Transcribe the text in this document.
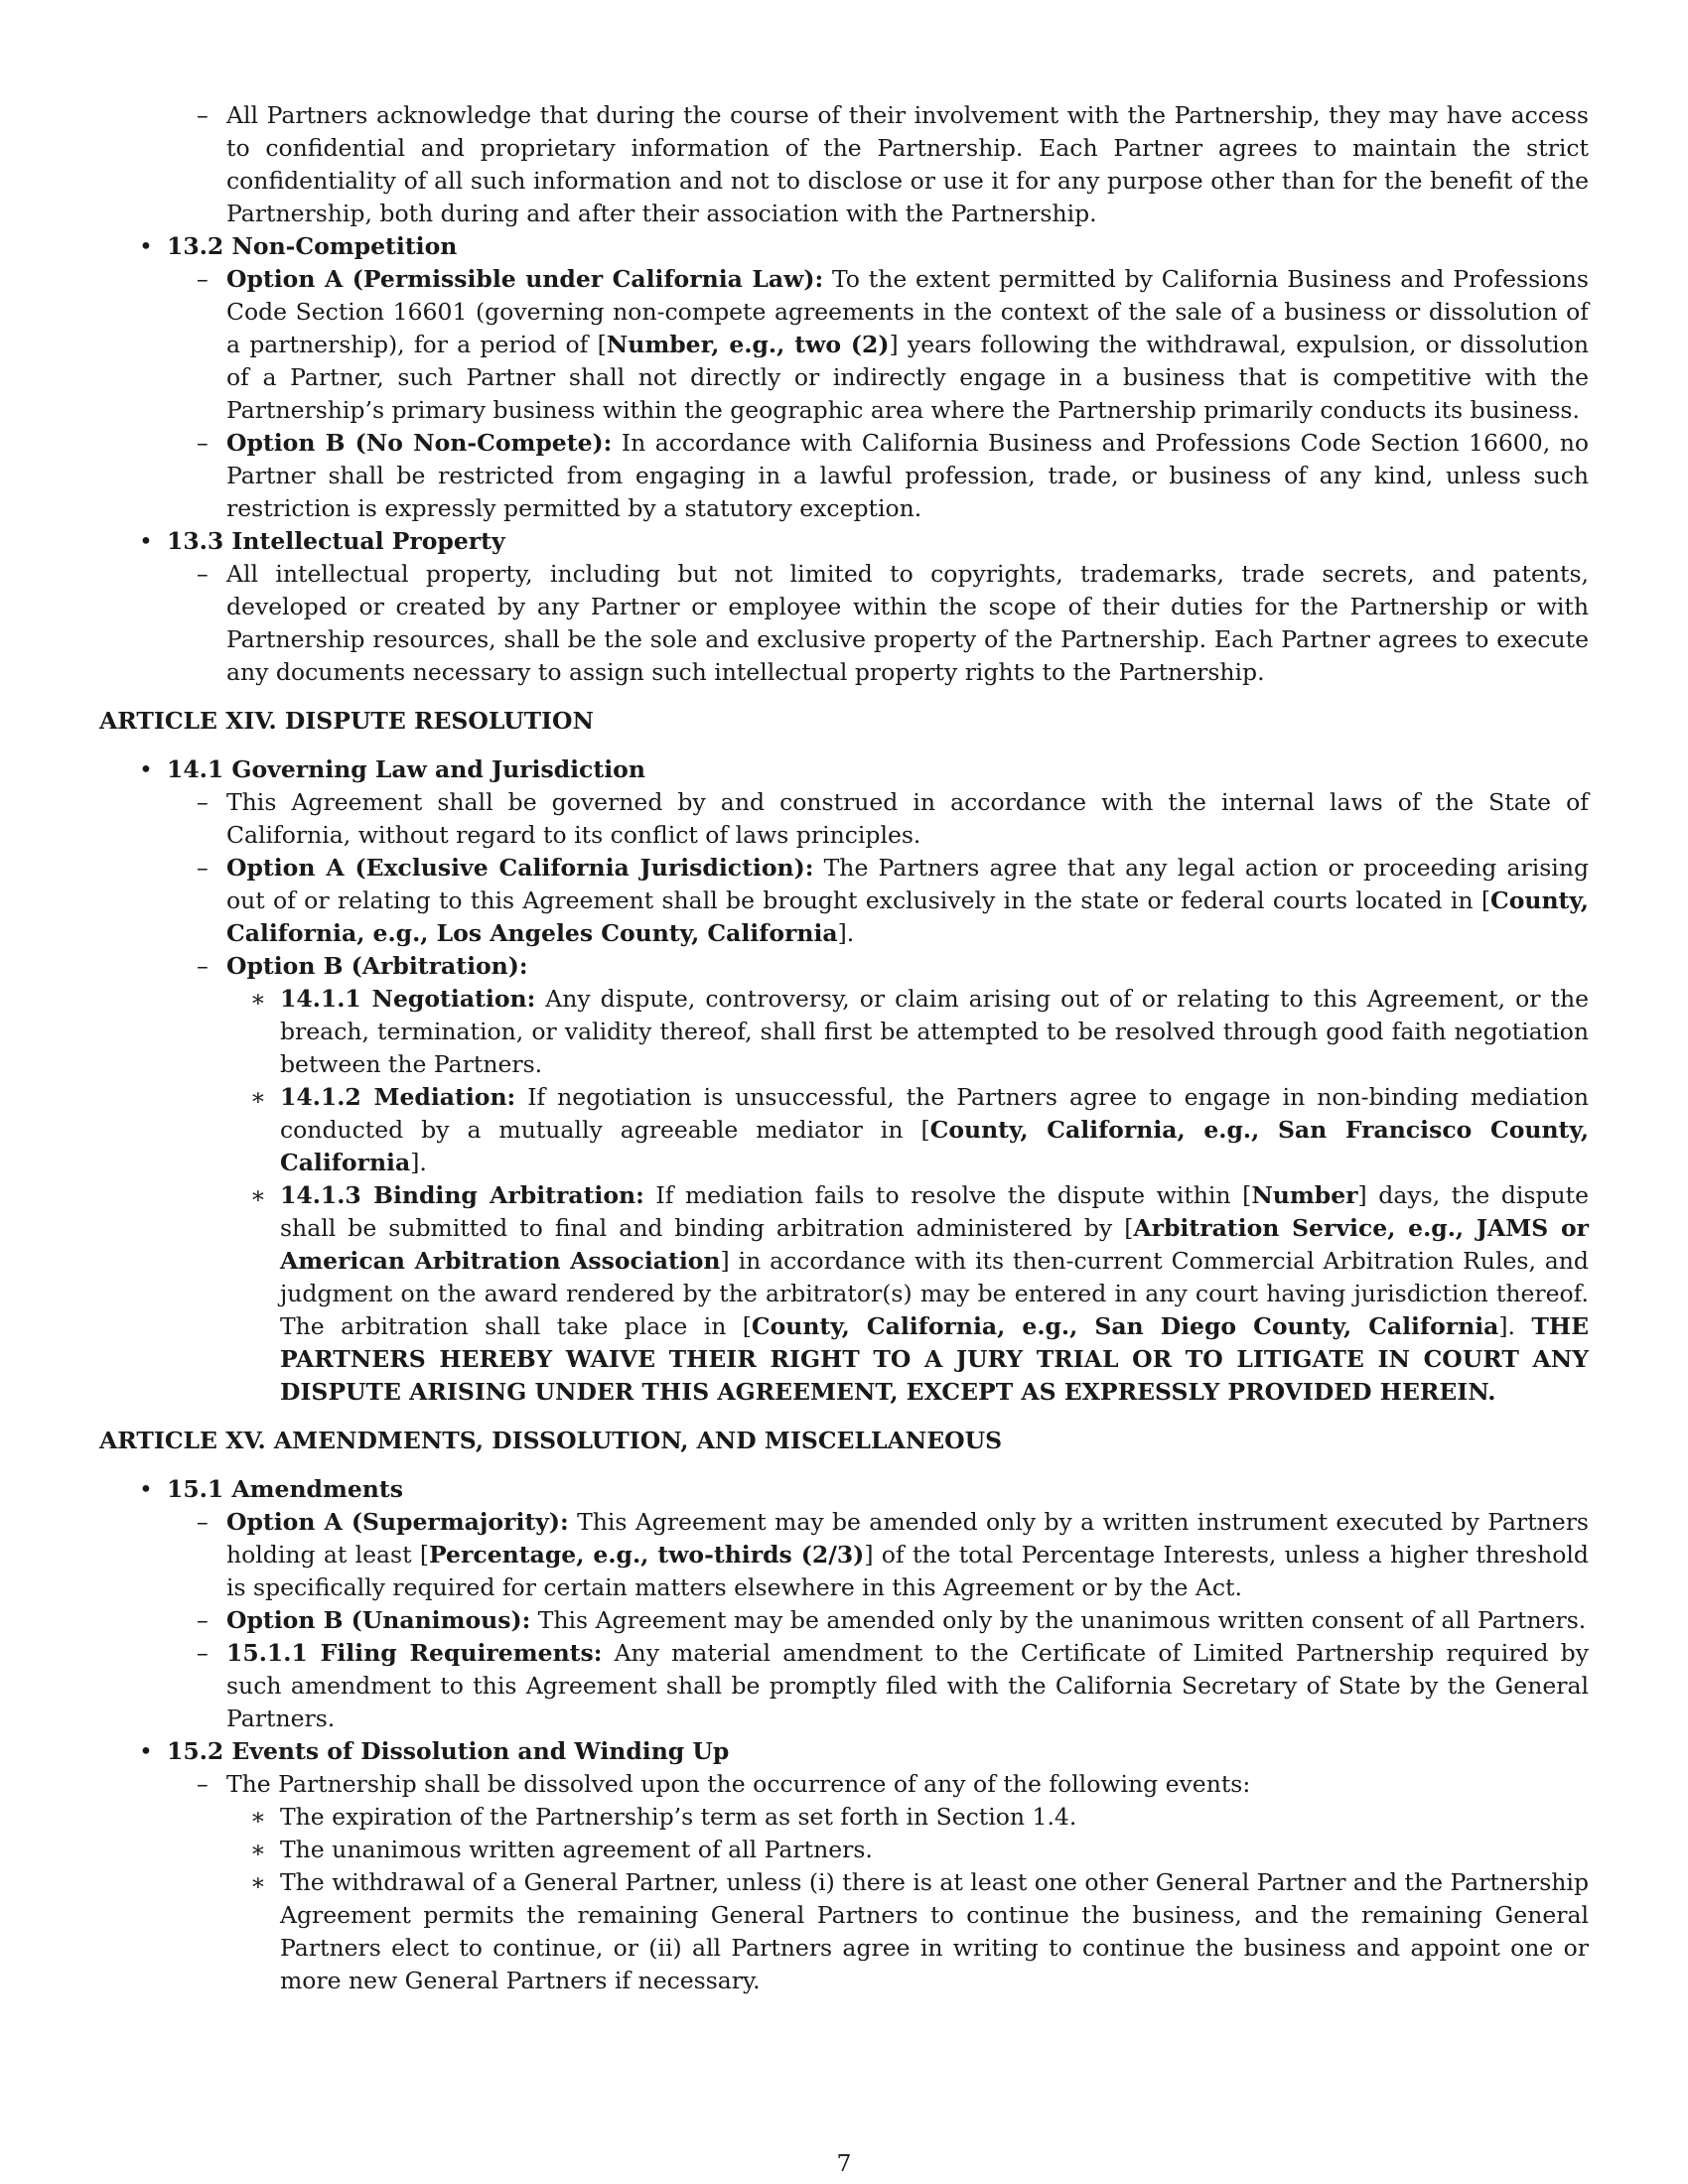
– All Partners acknowledge that during the course of their involvement with the Partnership, they may have access to confidential and proprietary information of the Partnership. Each Partner agrees to maintain the strict confidentiality of all such information and not to disclose or use it for any purpose other than for the benefit of the Partnership, both during and after their association with the Partnership.

• 13.2 Non-Competition

– Option A (Permissible under California Law): To the extent permitted by California Business and Professions Code Section 16601 (governing non-compete agreements in the context of the sale of a business or dissolution of a partnership), for a period of [Number, e.g., two (2)] years following the withdrawal, expulsion, or dissolution of a Partner, such Partner shall not directly or indirectly engage in a business that is competitive with the Partnership’s primary business within the geographic area where the Partnership primarily conducts its business.

– Option B (No Non-Compete): In accordance with California Business and Professions Code Section 16600, no Partner shall be restricted from engaging in a lawful profession, trade, or business of any kind, unless such restriction is expressly permitted by a statutory exception.

• 13.3 Intellectual Property

– All intellectual property, including but not limited to copyrights, trademarks, trade secrets, and patents, developed or created by any Partner or employee within the scope of their duties for the Partnership or with Partnership resources, shall be the sole and exclusive property of the Partnership. Each Partner agrees to execute any documents necessary to assign such intellectual property rights to the Partnership.

ARTICLE XIV. DISPUTE RESOLUTION
• 14.1 Governing Law and Jurisdiction

– This Agreement shall be governed by and construed in accordance with the internal laws of the State of California, without regard to its conflict of laws principles.

– Option A (Exclusive California Jurisdiction): The Partners agree that any legal action or proceeding arising out of or relating to this Agreement shall be brought exclusively in the state or federal courts located in [County, California, e.g., Los Angeles County, California].

– Option B (Arbitration):

∗ 14.1.1 Negotiation: Any dispute, controversy, or claim arising out of or relating to this Agreement, or the breach, termination, or validity thereof, shall first be attempted to be resolved through good faith negotiation between the Partners.

∗ 14.1.2 Mediation: If negotiation is unsuccessful, the Partners agree to engage in non-binding mediation conducted by a mutually agreeable mediator in [County, California, e.g., San Francisco County, California].

∗ 14.1.3 Binding Arbitration: If mediation fails to resolve the dispute within [Number] days, the dispute shall be submitted to final and binding arbitration administered by [Arbitration Service, e.g., JAMS or American Arbitration Association] in accordance with its then-current Commercial Arbitration Rules, and judgment on the award rendered by the arbitrator(s) may be entered in any court having jurisdiction thereof. The arbitration shall take place in [County, California, e.g., San Diego County, California]. THE PARTNERS HEREBY WAIVE THEIR RIGHT TO A JURY TRIAL OR TO LITIGATE IN COURT ANY DISPUTE ARISING UNDER THIS AGREEMENT, EXCEPT AS EXPRESSLY PROVIDED HEREIN.

ARTICLE XV. AMENDMENTS, DISSOLUTION, AND MISCELLANEOUS
• 15.1 Amendments

– Option A (Supermajority): This Agreement may be amended only by a written instrument executed by Partners holding at least [Percentage, e.g., two-thirds (2/3)] of the total Percentage Interests, unless a higher threshold is specifically required for certain matters elsewhere in this Agreement or by the Act.

– Option B (Unanimous): This Agreement may be amended only by the unanimous written consent of all Partners.

– 15.1.1 Filing Requirements: Any material amendment to the Certificate of Limited Partnership required by such amendment to this Agreement shall be promptly filed with the California Secretary of State by the General Partners.

• 15.2 Events of Dissolution and Winding Up

– The Partnership shall be dissolved upon the occurrence of any of the following events:

∗ The expiration of the Partnership’s term as set forth in Section 1.4.

∗ The unanimous written agreement of all Partners.

∗ The withdrawal of a General Partner, unless (i) there is at least one other General Partner and the Partnership Agreement permits the remaining General Partners to continue the business, and the remaining General Partners elect to continue, or (ii) all Partners agree in writing to continue the business and appoint one or more new General Partners if necessary.

7
